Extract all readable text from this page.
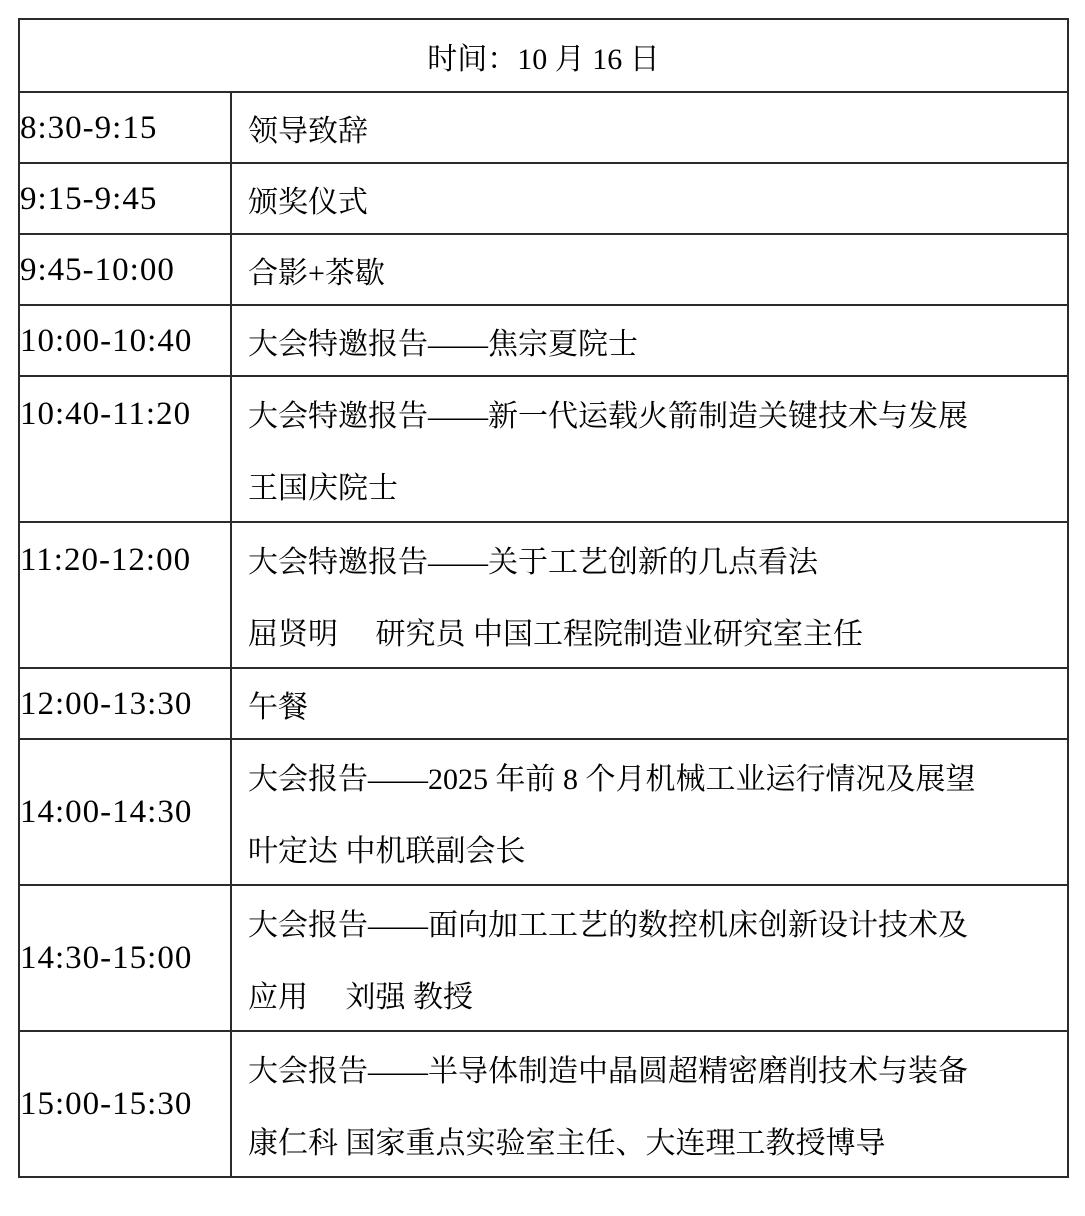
时间：10 月 16 日	
8:30-9:15	领导致辞

9:15-9:45	颁奖仪式

9:45-10:00	合影+茶歇

10:00-10:40	大会特邀报告——焦宗夏院士

10:40-11:20	大会特邀报告——新一代运载火箭制造关键技术与发展
王国庆院士

11:20-12:00	大会特邀报告——关于工艺创新的几点看法
屈贤明　 研究员 中国工程院制造业研究室主任

12:00-13:30	午餐

14:00-14:30	大会报告——2025 年前 8 个月机械工业运行情况及展望
叶定达 中机联副会长

14:30-15:00	大会报告——面向加工工艺的数控机床创新设计技术及
应用　 刘强 教授

15:00-15:30	大会报告——半导体制造中晶圆超精密磨削技术与装备
康仁科 国家重点实验室主任、大连理工教授博导
